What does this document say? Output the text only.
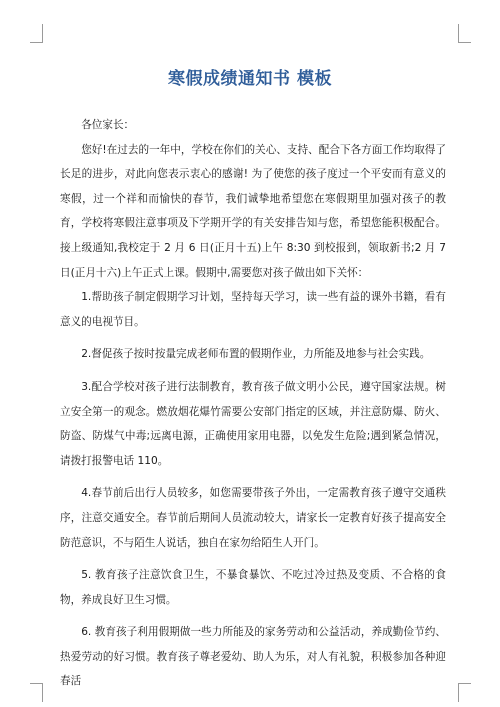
寒假成绩通知书 模板

各位家长：

您好!在过去的一年中，学校在你们的关心、支持、配合下各方面工作均取得了长足的进步，对此向您表示衷心的感谢! 为了使您的孩子度过一个平安而有意义的寒假，过一个祥和而愉快的春节，我们诚挚地希望您在寒假期里加强对孩子的教育，学校将寒假注意事项及下学期开学的有关安排告知与您，希望您能积极配合。 接上级通知,我校定于 2 月 6 日(正月十五)上午 8:30 到校报到，领取新书;2 月 7 日(正月十六)上午正式上课。假期中,需要您对孩子做出如下关怀：

1.帮助孩子制定假期学习计划，坚持每天学习，读一些有益的课外书籍，看有意义的电视节目。

2.督促孩子按时按量完成老师布置的假期作业，力所能及地参与社会实践。

3.配合学校对孩子进行法制教育，教育孩子做文明小公民，遵守国家法规。树立安全第一的观念。燃放烟花爆竹需要公安部门指定的区域，并注意防爆、防火、防盗、防煤气中毒;远离电源，正确使用家用电器，以免发生危险;遇到紧急情况，请拨打报警电话 110。

4.春节前后出行人员较多，如您需要带孩子外出，一定需教育孩子遵守交通秩序，注意交通安全。春节前后期间人员流动较大，请家长一定教育好孩子提高安全防范意识，不与陌生人说话，独自在家勿给陌生人开门。

5. 教育孩子注意饮食卫生，不暴食暴饮、不吃过冷过热及变质、不合格的食物，养成良好卫生习惯。

6. 教育孩子利用假期做一些力所能及的家务劳动和公益活动，养成勤俭节约、热爱劳动的好习惯。教育孩子尊老爱幼、助人为乐，对人有礼貌，积极参加各种迎春活
